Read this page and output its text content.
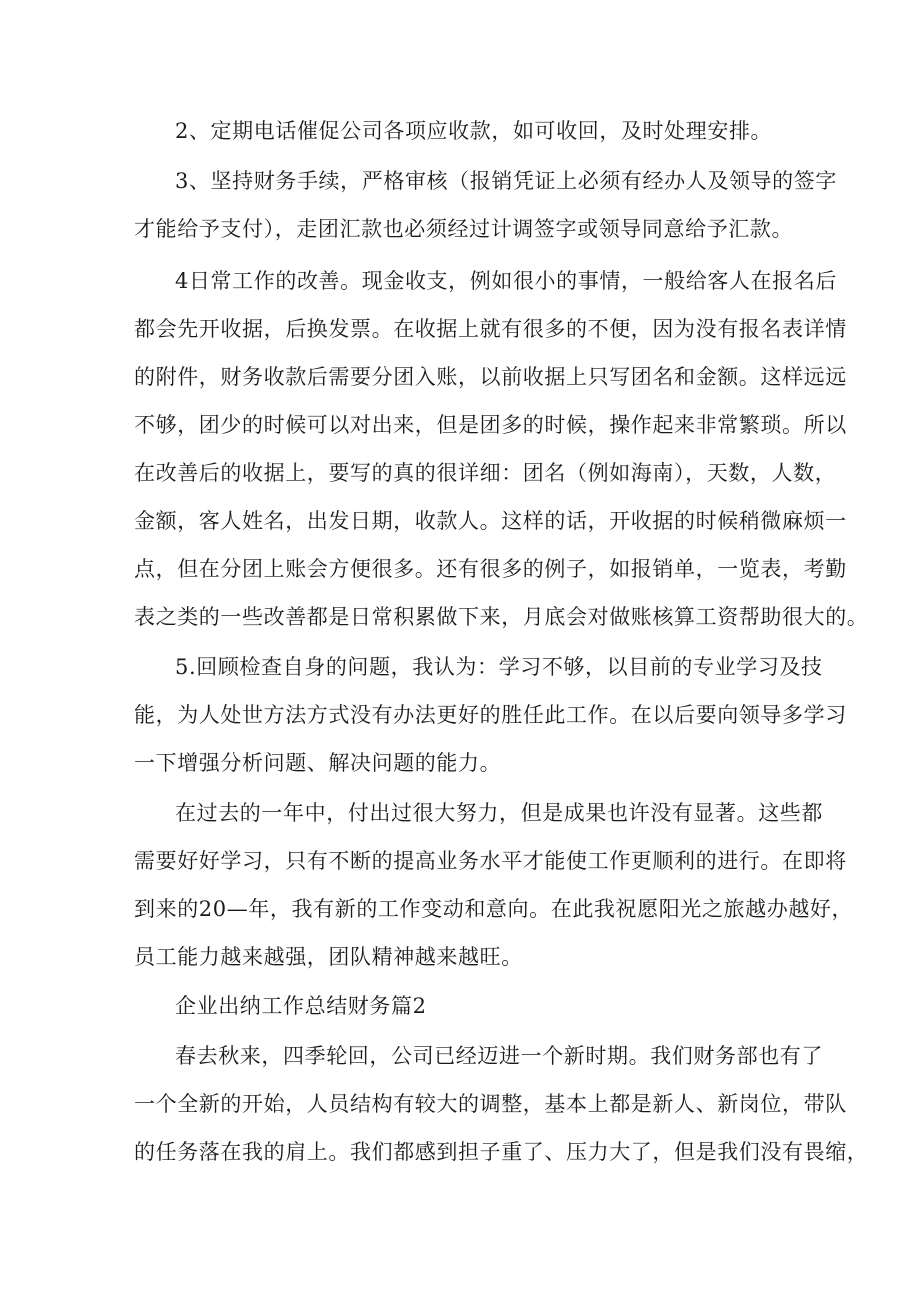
2、定期电话催促公司各项应收款，如可收回，及时处理安排。
3、坚持财务手续，严格审核（报销凭证上必须有经办人及领导的签字
才能给予支付），走团汇款也必须经过计调签字或领导同意给予汇款。
4日常工作的改善。现金收支，例如很小的事情，一般给客人在报名后
都会先开收据，后换发票。在收据上就有很多的不便，因为没有报名表详情
的附件，财务收款后需要分团入账，以前收据上只写团名和金额。这样远远
不够，团少的时候可以对出来，但是团多的时候，操作起来非常繁琐。所以
在改善后的收据上，要写的真的很详细：团名（例如海南），天数，人数，
金额，客人姓名，出发日期，收款人。这样的话，开收据的时候稍微麻烦一
点，但在分团上账会方便很多。还有很多的例子，如报销单，一览表，考勤
表之类的一些改善都是日常积累做下来，月底会对做账核算工资帮助很大的。
5.回顾检查自身的问题，我认为：学习不够，以目前的专业学习及技
能，为人处世方法方式没有办法更好的胜任此工作。在以后要向领导多学习
一下增强分析问题、解决问题的能力。
在过去的一年中，付出过很大努力，但是成果也许没有显著。这些都
需要好好学习，只有不断的提高业务水平才能使工作更顺利的进行。在即将
到来的20—年，我有新的工作变动和意向。在此我祝愿阳光之旅越办越好，
员工能力越来越强，团队精神越来越旺。
企业出纳工作总结财务篇2
春去秋来，四季轮回，公司已经迈进一个新时期。我们财务部也有了
一个全新的开始，人员结构有较大的调整，基本上都是新人、新岗位，带队
的任务落在我的肩上。我们都感到担子重了、压力大了，但是我们没有畏缩，
